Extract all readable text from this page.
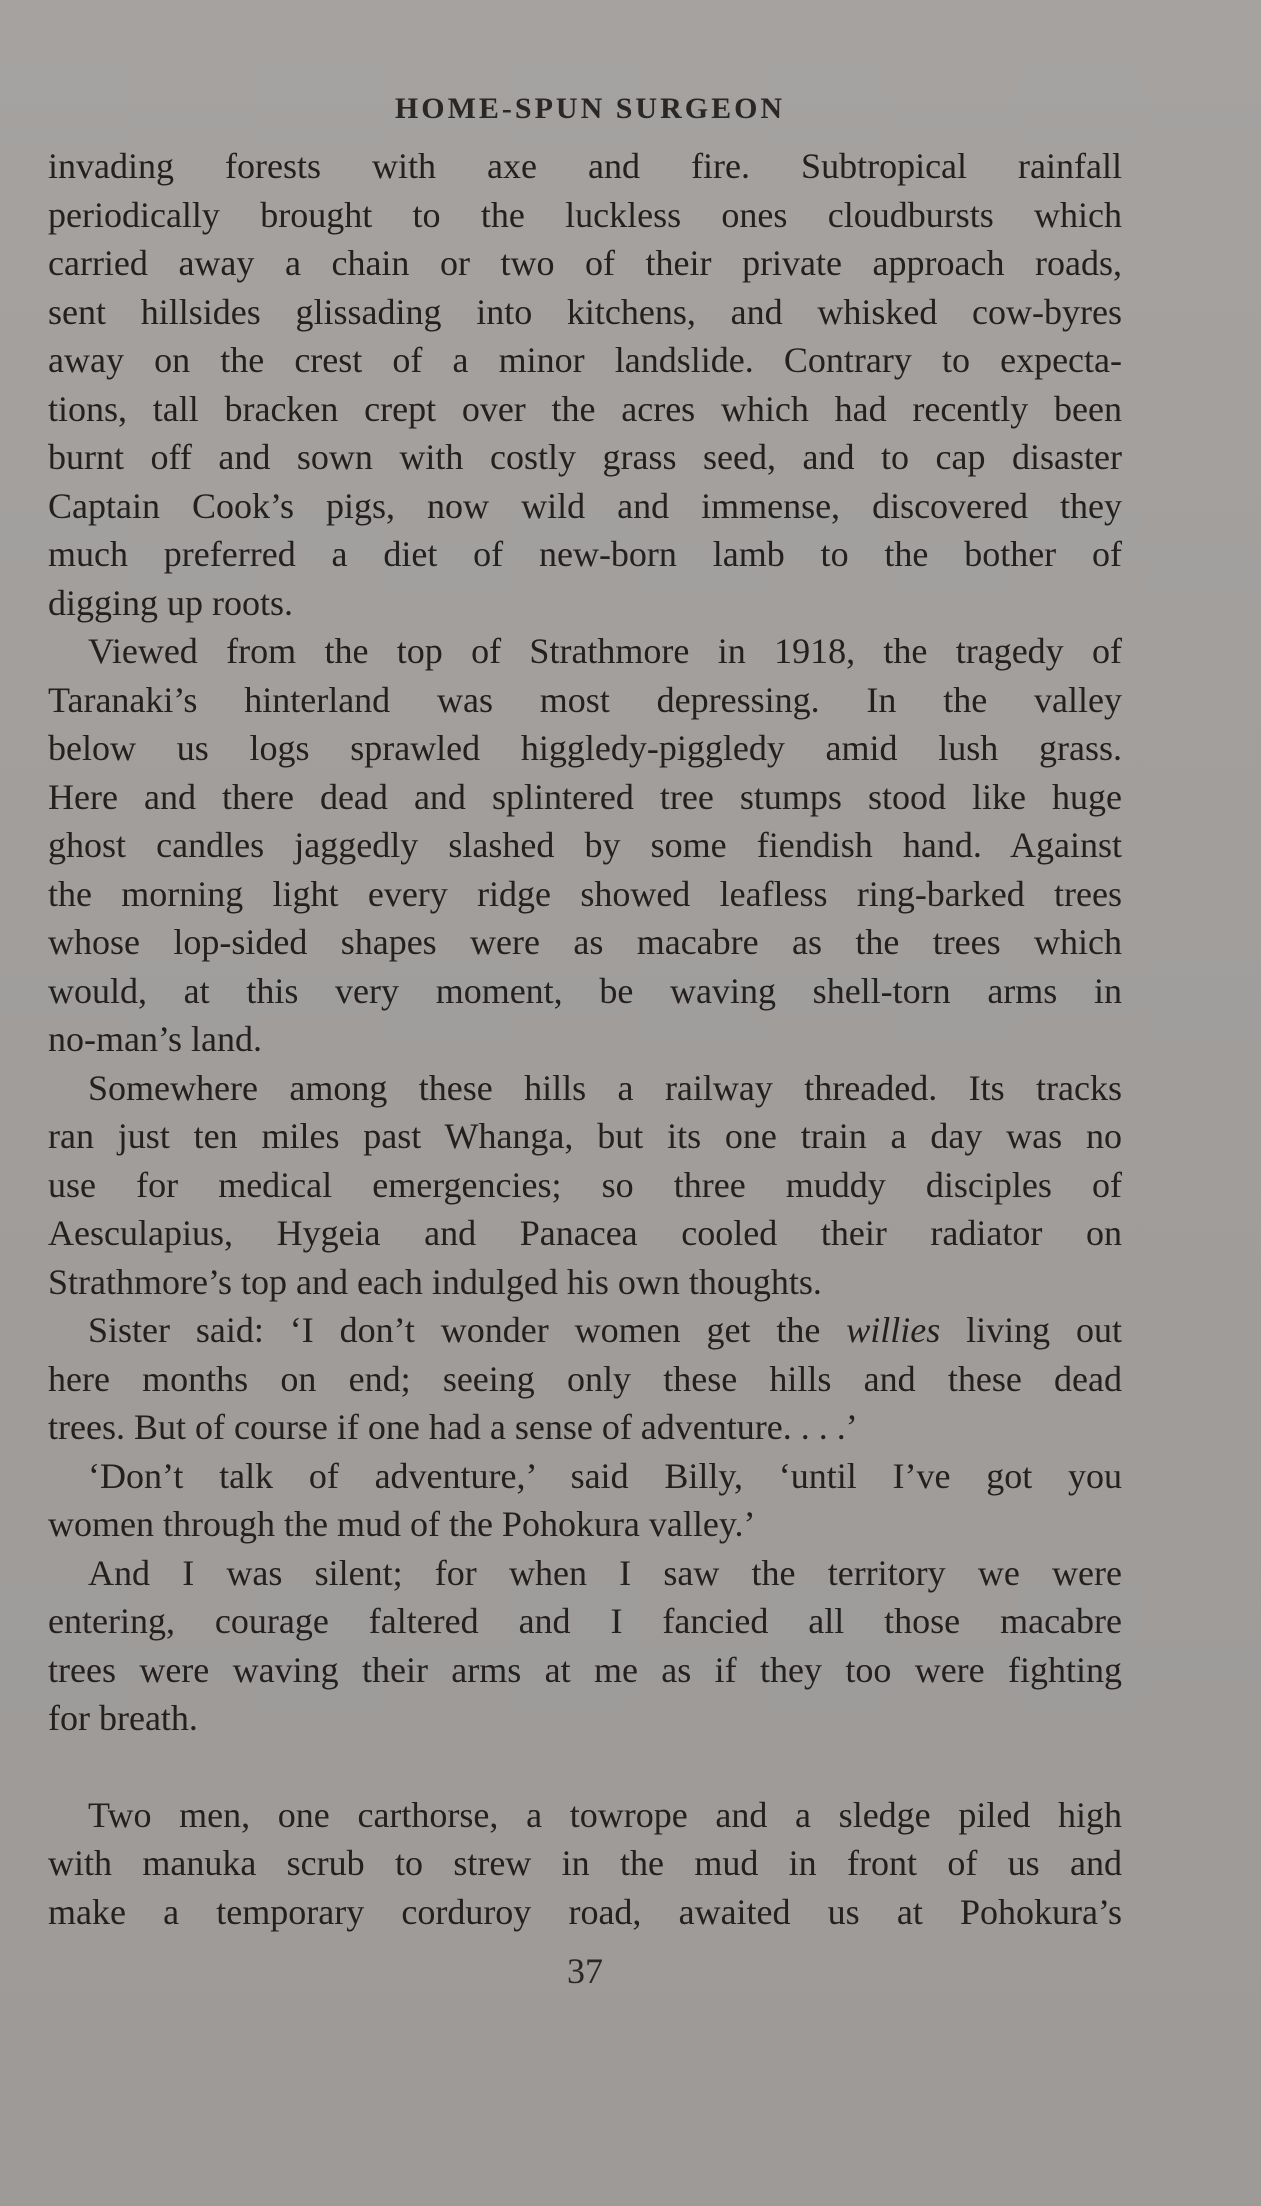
HOME-SPUN SURGEON
invading forests with axe and fire. Subtropical rainfall
periodically brought to the luckless ones cloudbursts which
carried away a chain or two of their private approach roads,
sent hillsides glissading into kitchens, and whisked cow-byres
away on the crest of a minor landslide. Contrary to expecta-
tions, tall bracken crept over the acres which had recently been
burnt off and sown with costly grass seed, and to cap disaster
Captain Cook’s pigs, now wild and immense, discovered they
much preferred a diet of new-born lamb to the bother of
digging up roots.
Viewed from the top of Strathmore in 1918, the tragedy of
Taranaki’s hinterland was most depressing. In the valley
below us logs sprawled higgledy-piggledy amid lush grass.
Here and there dead and splintered tree stumps stood like huge
ghost candles jaggedly slashed by some fiendish hand. Against
the morning light every ridge showed leafless ring-barked trees
whose lop-sided shapes were as macabre as the trees which
would, at this very moment, be waving shell-torn arms in
no-man’s land.
Somewhere among these hills a railway threaded. Its tracks
ran just ten miles past Whanga, but its one train a day was no
use for medical emergencies; so three muddy disciples of
Aesculapius, Hygeia and Panacea cooled their radiator on
Strathmore’s top and each indulged his own thoughts.
Sister said: ‘I don’t wonder women get the willies living out
here months on end; seeing only these hills and these dead
trees. But of course if one had a sense of adventure. . . .’
‘Don’t talk of adventure,’ said Billy, ‘until I’ve got you
women through the mud of the Pohokura valley.’
And I was silent; for when I saw the territory we were
entering, courage faltered and I fancied all those macabre
trees were waving their arms at me as if they too were fighting
for breath.
Two men, one carthorse, a towrope and a sledge piled high
with manuka scrub to strew in the mud in front of us and
make a temporary corduroy road, awaited us at Pohokura’s
37
